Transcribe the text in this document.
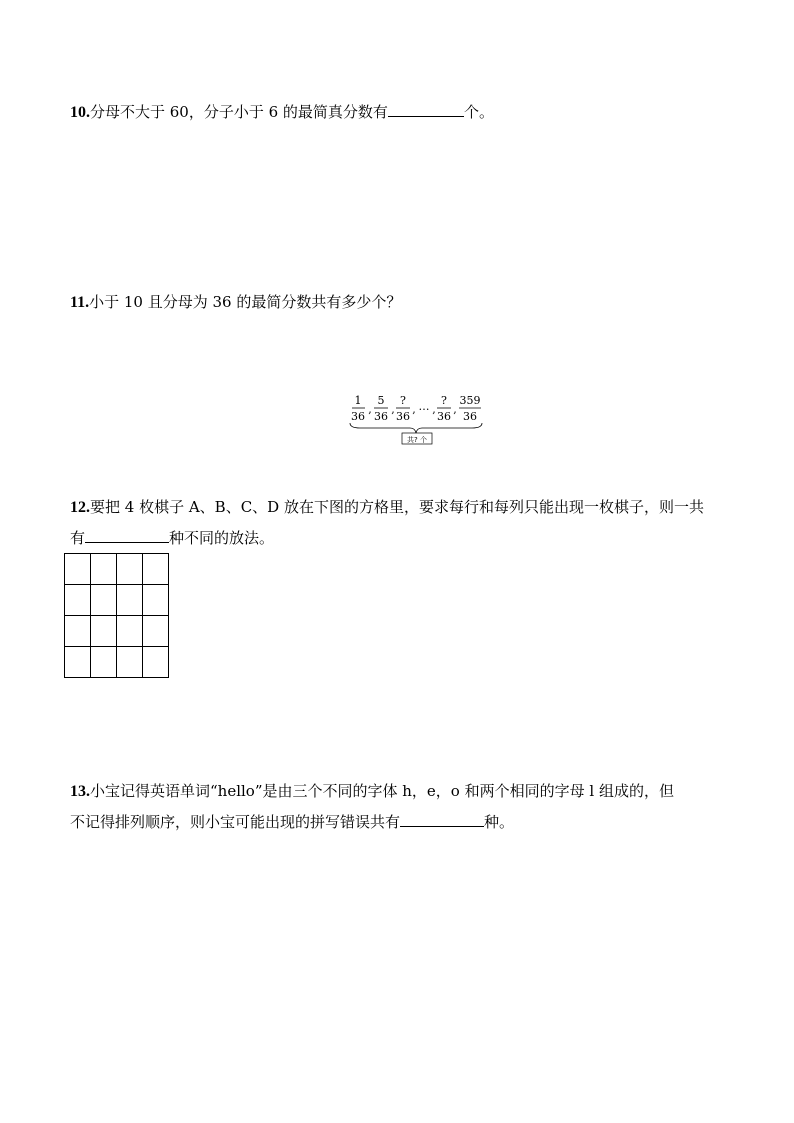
10.分母不大于 60，分子小于 6 的最简真分数有	个。
11.小于 10 且分母为 36 的最简分数共有多少个？
1
36
,
5
36
,
?
36
, … ,
?
36
,
359
36
共? 个
12.要把 4 枚棋子 A、B、C、D 放在下图的方格里，要求每行和每列只能出现一枚棋子，则一共
有	种不同的放法。

13.小宝记得英语单词“hello”是由三个不同的字体 h，e，o 和两个相同的字母 l 组成的，但
不记得排列顺序，则小宝可能出现的拼写错误共有	种。
